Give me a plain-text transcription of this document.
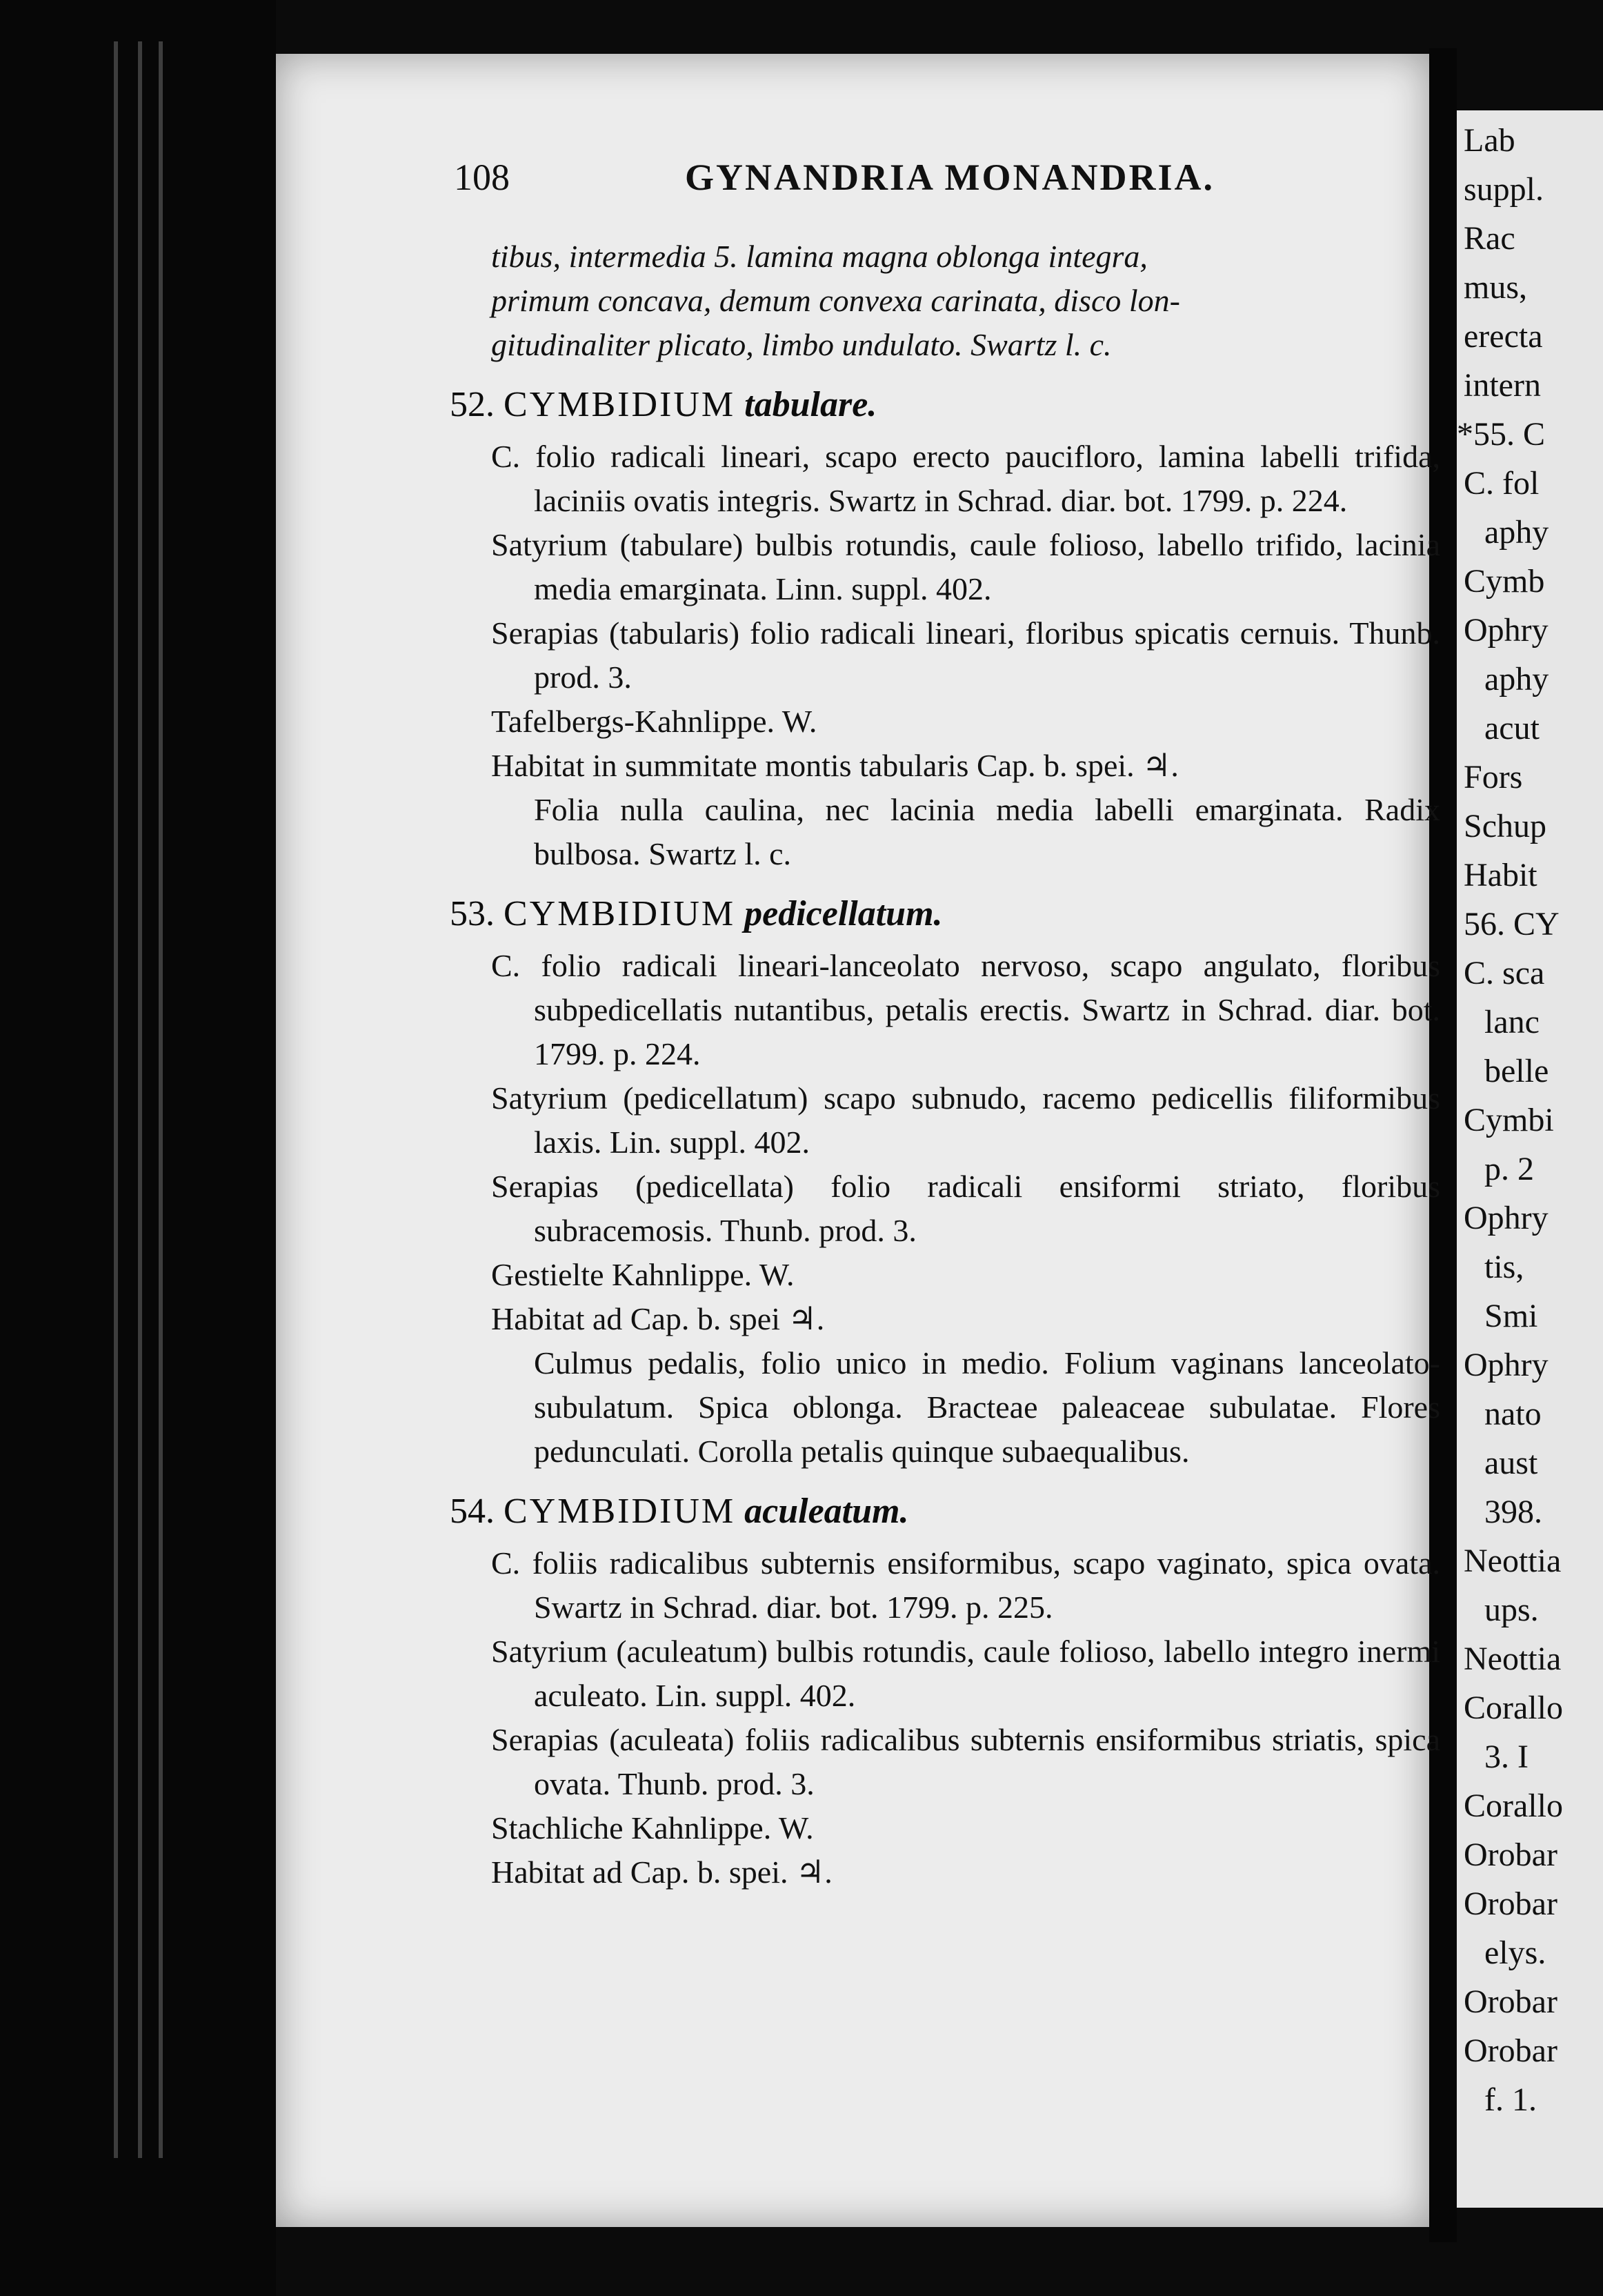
108	GYNANDRIA MONANDRIA.

tibus, intermedia 5. lamina magna oblonga integra,
primum concava, demum convexa carinata, disco lon-
gitudinaliter plicato, limbo undulato. Swartz l. c.

52. CYMBIDIUM tabulare.

C. folio radicali lineari, scapo erecto paucifloro, lamina labelli trifida, laciniis ovatis integris. Swartz in Schrad. diar. bot. 1799. p. 224.

Satyrium (tabulare) bulbis rotundis, caule folioso, labello trifido, lacinia media emarginata. Linn. suppl. 402.

Serapias (tabularis) folio radicali lineari, floribus spicatis cernuis. Thunb. prod. 3.

Tafelbergs-Kahnlippe. W.

Habitat in summitate montis tabularis Cap. b. spei. ♃.

Folia nulla caulina, nec lacinia media labelli emarginata. Radix bulbosa. Swartz l. c.

53. CYMBIDIUM pedicellatum.

C. folio radicali lineari-lanceolato nervoso, scapo angulato, floribus subpedicellatis nutantibus, petalis erectis. Swartz in Schrad. diar. bot. 1799. p. 224.

Satyrium (pedicellatum) scapo subnudo, racemo pedicellis filiformibus laxis. Lin. suppl. 402.

Serapias (pedicellata) folio radicali ensiformi striato, floribus subracemosis. Thunb. prod. 3.

Gestielte Kahnlippe. W.

Habitat ad Cap. b. spei ♃.

Culmus pedalis, folio unico in medio. Folium vaginans lanceolato-subulatum. Spica oblonga. Bracteae paleaceae subulatae. Flores pedunculati. Corolla petalis quinque subaequalibus.

54. CYMBIDIUM aculeatum.

C. foliis radicalibus subternis ensiformibus, scapo vaginato, spica ovata. Swartz in Schrad. diar. bot. 1799. p. 225.

Satyrium (aculeatum) bulbis rotundis, caule folioso, labello integro inermi aculeato. Lin. suppl. 402.

Serapias (aculeata) foliis radicalibus subternis ensiformibus striatis, spica ovata. Thunb. prod. 3.

Stachliche Kahnlippe. W.

Habitat ad Cap. b. spei. ♃.

Lab
suppl.
Rac
mus,
erecta
intern
*55. C
C. fol
aphy
Cymb
Ophry
aphy
acut
Fors
Schup
Habit
56. CY
C. sca
lanc
belle
Cymbi
p. 2
Ophry
tis,
Smi
Ophry
nato
aust
398.
Neottia
ups.
Neottia
Corallo
3. I
Corallo
Orobar
Orobar
elys.
Orobar
Orobar
f. 1.
